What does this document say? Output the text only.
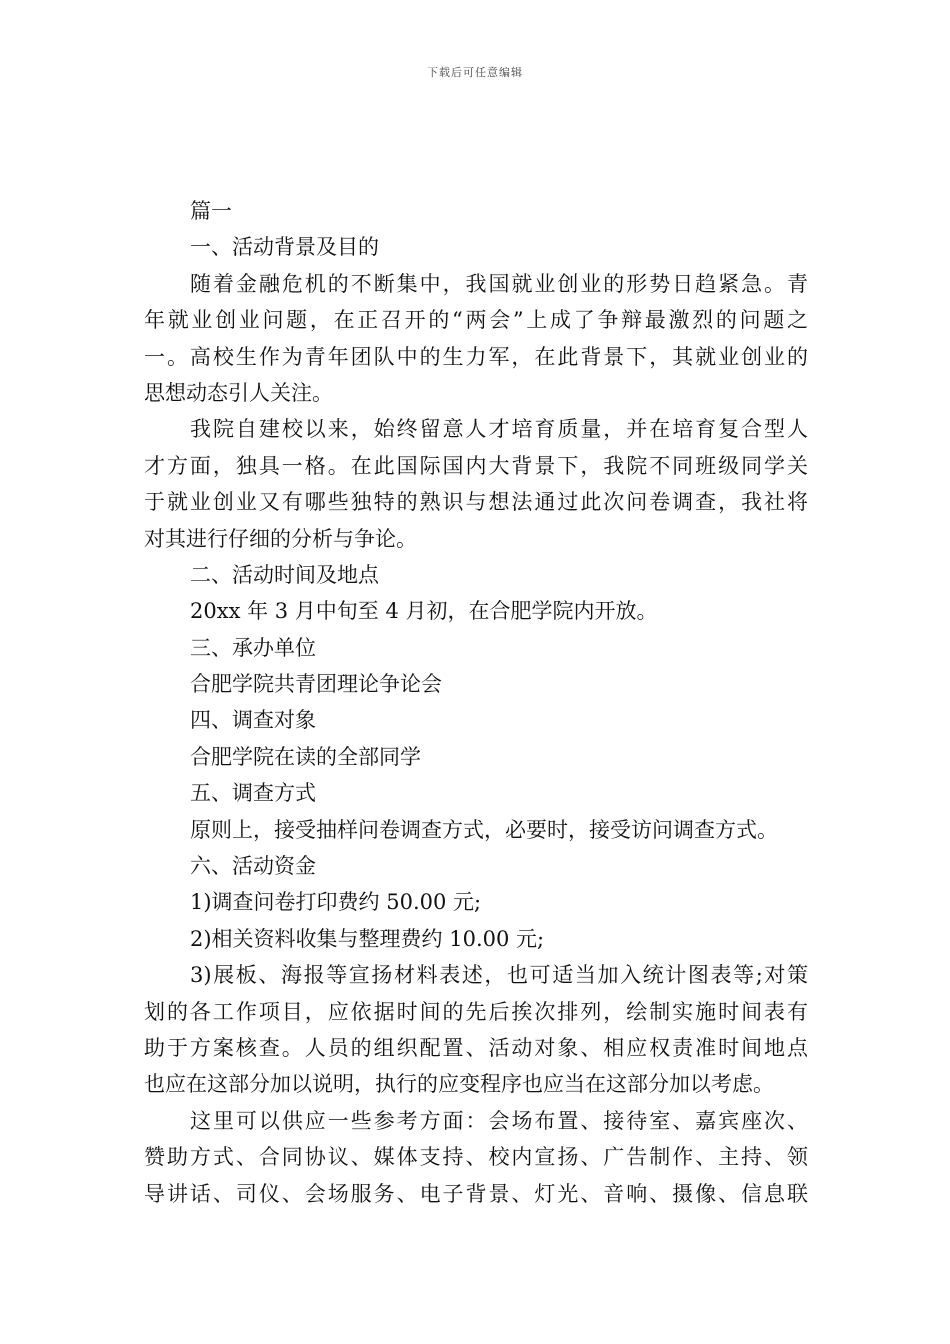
下载后可任意编辑

篇一

一、活动背景及目的

随着金融危机的不断集中，我国就业创业的形势日趋紧急。青

年就业创业问题，在正召开的“两会”上成了争辩最激烈的问题之

一。高校生作为青年团队中的生力军，在此背景下，其就业创业的

思想动态引人关注。

我院自建校以来，始终留意人才培育质量，并在培育复合型人

才方面，独具一格。在此国际国内大背景下，我院不同班级同学关

于就业创业又有哪些独特的熟识与想法通过此次问卷调查，我社将

对其进行仔细的分析与争论。

二、活动时间及地点

20xx 年 3 月中旬至 4 月初，在合肥学院内开放。

三、承办单位

合肥学院共青团理论争论会

四、调查对象

合肥学院在读的全部同学

五、调查方式

原则上，接受抽样问卷调查方式，必要时，接受访问调查方式。

六、活动资金

1)调查问卷打印费约 50.00 元;

2)相关资料收集与整理费约 10.00 元;

3)展板、海报等宣扬材料表述，也可适当加入统计图表等;对策

划的各工作项目，应依据时间的先后挨次排列，绘制实施时间表有

助于方案核查。人员的组织配置、活动对象、相应权责准时间地点

也应在这部分加以说明，执行的应变程序也应当在这部分加以考虑。

这里可以供应一些参考方面：会场布置、接待室、嘉宾座次、

赞助方式、合同协议、媒体支持、校内宣扬、广告制作、主持、领

导讲话、司仪、会场服务、电子背景、灯光、音响、摄像、信息联
